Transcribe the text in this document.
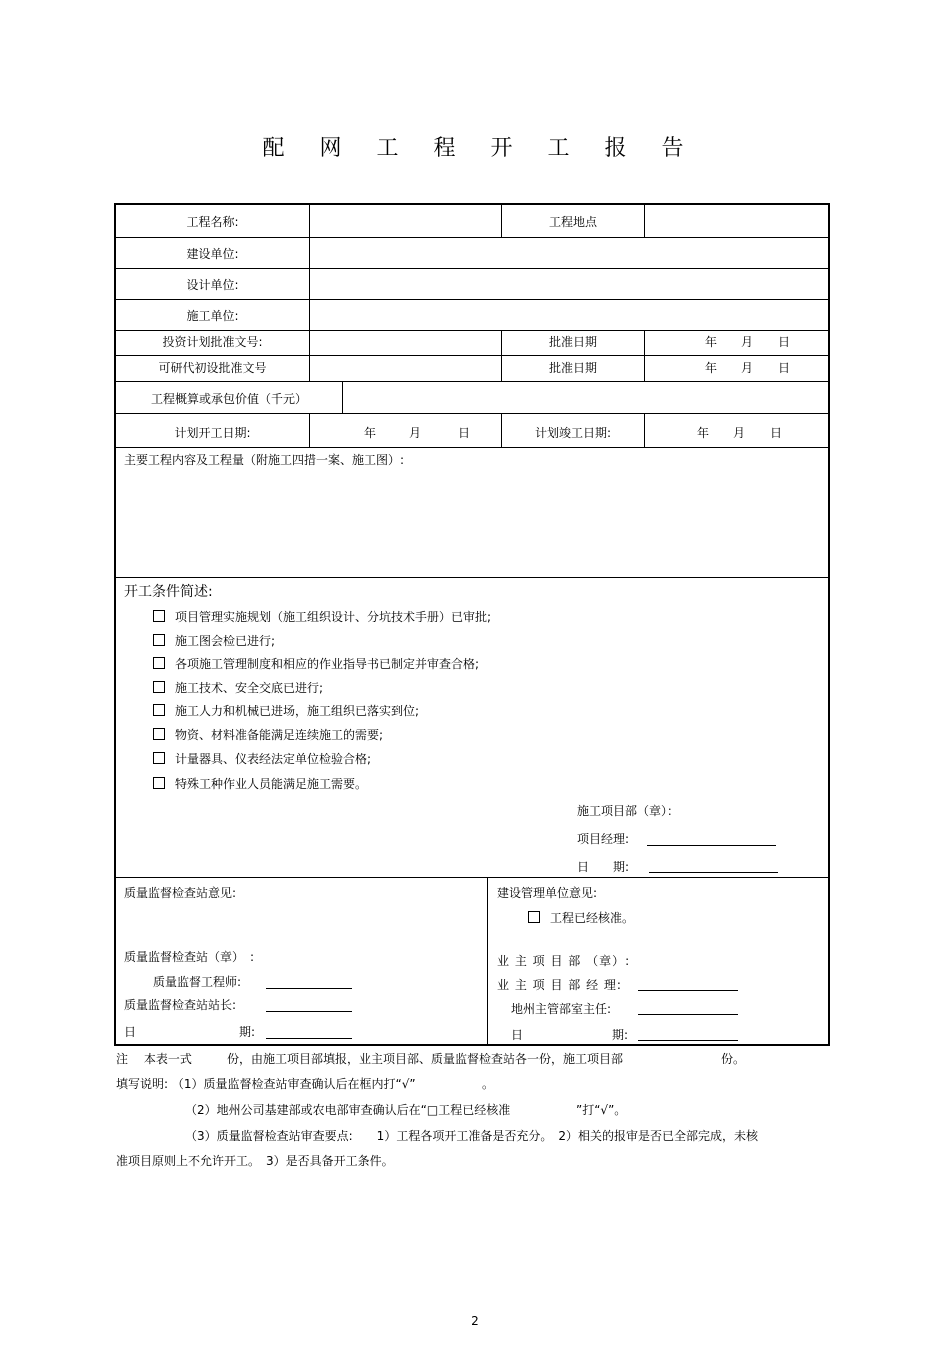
配 网 工 程 开 工 报 告
工程名称:	工程地点
建设单位:
设计单位:
施工单位:
投资计划批准文号:	批准日期	年 月 日
可研代初设批准文号	批准日期	年 月 日
工程概算或承包价值（千元）
计划开工日期:	年	月	日	计划竣工日期:	年 月 日
主要工程内容及工程量（附施工四措一案、施工图）:
开工条件简述:
项目管理实施规划（施工组织设计、分坑技术手册）已审批;
施工图会检已进行;
各项施工管理制度和相应的作业指导书已制定并审查合格;
施工技术、安全交底已进行;
施工人力和机械已进场，施工组织已落实到位;
物资、材料准备能满足连续施工的需要;
计量器具、仪表经法定单位检验合格;
特殊工种作业人员能满足施工需要。
施工项目部（章）：
项目经理:
日　　期:
质量监督检查站意见:
质量监督检查站（章）　:
质量监督工程师:
质量监督检查站站长:
日	期:
建设管理单位意见:
工程已经核准。
业 主 项 目 部 （章）:
业 主 项 目 部 经 理:
地州主管部室主任:
日	期:
注　 本表一式	份，由施工项目部填报，业主项目部、质量监督检查站各一份，施工项目部	份。
填写说明: （1）质量监督检查站审查确认后在框内打“√”	。
（2）地州公司基建部或农电部审查确认后在“□工程已经核准	”打“√”。
（3）质量监督检查站审查要点:　　1）工程各项开工准备是否充分。　2）相关的报审是否已全部完成，未核
准项目原则上不允许开工。　3）是否具备开工条件。
2
